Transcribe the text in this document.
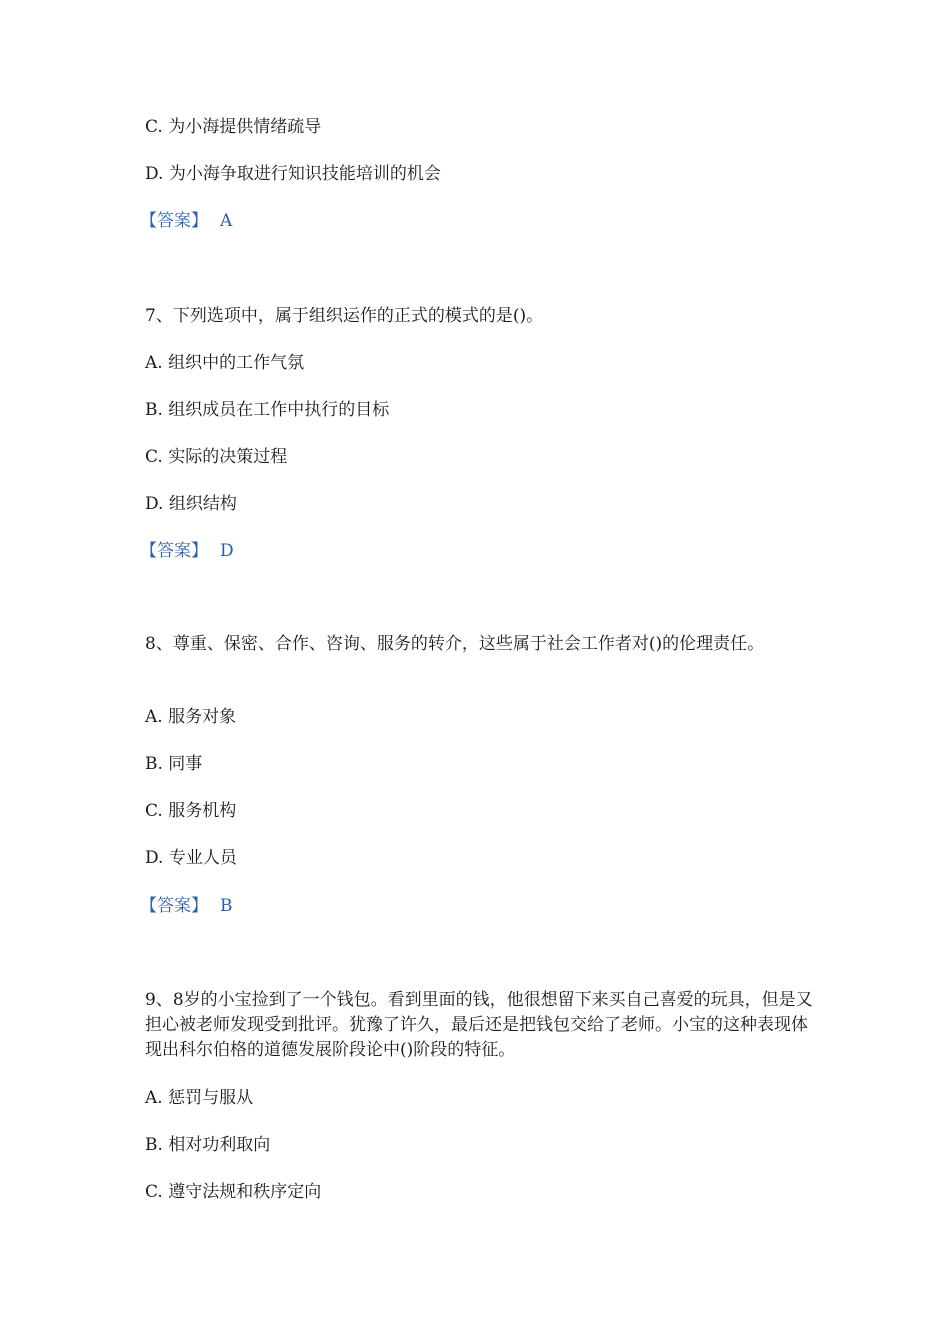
C. 为小海提供情绪疏导
D. 为小海争取进行知识技能培训的机会
【答案】 A
7、下列选项中，属于组织运作的正式的模式的是()。
A. 组织中的工作气氛
B. 组织成员在工作中执行的目标
C. 实际的决策过程
D. 组织结构
【答案】 D
8、尊重、保密、合作、咨询、服务的转介，这些属于社会工作者对()的伦理责任。
A. 服务对象
B. 同事
C. 服务机构
D. 专业人员
【答案】 B
9、8岁的小宝捡到了一个钱包。看到里面的钱，他很想留下来买自己喜爱的玩具，但是又担心被老师发现受到批评。犹豫了许久，最后还是把钱包交给了老师。小宝的这种表现体现出科尔伯格的道德发展阶段论中()阶段的特征。
A. 惩罚与服从
B. 相对功利取向
C. 遵守法规和秩序定向
